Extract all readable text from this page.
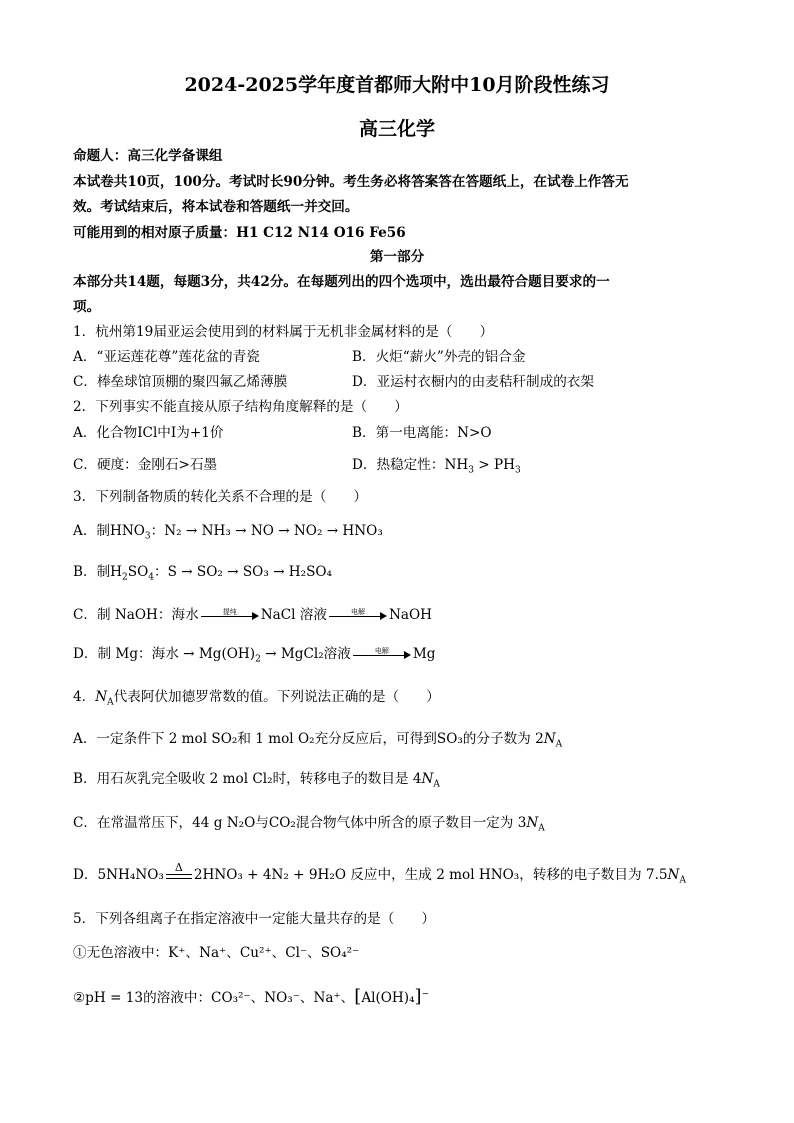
2024-2025学年度首都师大附中10月阶段性练习
高三化学
命题人：高三化学备课组
本试卷共10页，100分。考试时长90分钟。考生务必将答案答在答题纸上，在试卷上作答无
效。考试结束后，将本试卷和答题纸一并交回。
可能用到的相对原子质量：H1 C12 N14 O16 Fe56
第一部分
本部分共14题，每题3分，共42分。在每题列出的四个选项中，选出最符合题目要求的一
项。
1．杭州第19届亚运会使用到的材料属于无机非金属材料的是（　　）
A．“亚运莲花尊”莲花盆的青瓷	B．火炬“薪火”外壳的铝合金
C．棒垒球馆顶棚的聚四氟乙烯薄膜	D．亚运村衣橱内的由麦秸秆制成的衣架
2．下列事实不能直接从原子结构角度解释的是（　　）
A．化合物ICl中I为+1价	B．第一电离能：N>O
C．硬度：金刚石>石墨	D．热稳定性：$NH_3 > PH_3$
3．下列制备物质的转化关系不合理的是（　　）
A．制$HNO_3$：N₂ → NH₃ → NO → NO₂ → HNO₃
B．制$H_2SO_4$：S → SO₂ → SO₃ → H₂SO₄
C．制 NaOH：海水	提纯	NaCl 溶液	电解	NaOH
D．制 Mg：海水 → $Mg(OH)_2$ → MgCl₂溶液	电解	Mg
4．$N_A$代表阿伏加德罗常数的值。下列说法正确的是（　　）
A．一定条件下 2 mol SO₂和 1 mol O₂充分反应后，可得到SO₃的分子数为 $2N_A$
B．用石灰乳完全吸收 2 mol Cl₂时，转移电子的数目是 $4N_A$
C．在常温常压下，44 g N₂O与CO₂混合物气体中所含的原子数目一定为 $3N_A$
D．5NH₄NO₃	Δ 2HNO₃ + 4N₂ + 9H₂O 反应中，生成 2 mol HNO₃，转移的电子数目为 $7.5N_A$
5．下列各组离子在指定溶液中一定能大量共存的是（　　）
①无色溶液中：K⁺、Na⁺、Cu²⁺、Cl⁻、SO₄²⁻
②pH = 13的溶液中：CO₃²⁻、NO₃⁻、Na⁺、[Al(OH)₄]−
